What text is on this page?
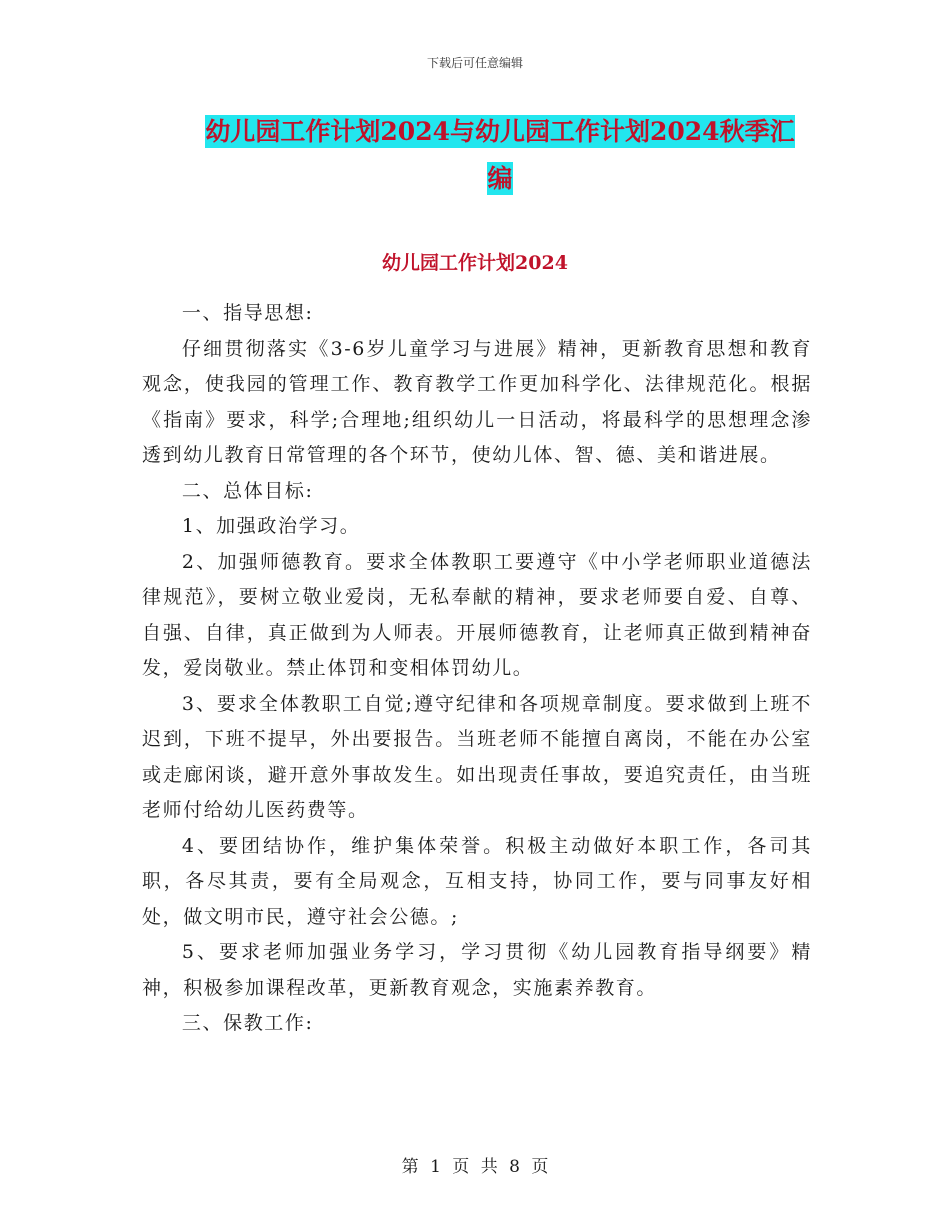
下载后可任意编辑
幼儿园工作计划2024与幼儿园工作计划2024秋季汇
编
幼儿园工作计划2024

一、指导思想:

仔细贯彻落实《3-6岁儿童学习与进展》精神，更新教育思想和教育观念，使我园的管理工作、教育教学工作更加科学化、法律规范化。根据《指南》要求，科学;合理地;组织幼儿一日活动，将最科学的思想理念渗透到幼儿教育日常管理的各个环节，使幼儿体、智、德、美和谐进展。

二、总体目标:

1、加强政治学习。

2、加强师德教育。要求全体教职工要遵守《中小学老师职业道德法律规范》，要树立敬业爱岗，无私奉献的精神，要求老师要自爱、自尊、自强、自律，真正做到为人师表。开展师德教育，让老师真正做到精神奋发，爱岗敬业。禁止体罚和变相体罚幼儿。

3、要求全体教职工自觉;遵守纪律和各项规章制度。要求做到上班不迟到，下班不提早，外出要报告。当班老师不能擅自离岗，不能在办公室或走廊闲谈，避开意外事故发生。如出现责任事故，要追究责任，由当班老师付给幼儿医药费等。

4、要团结协作，维护集体荣誉。积极主动做好本职工作，各司其职，各尽其责，要有全局观念，互相支持，协同工作，要与同事友好相处，做文明市民，遵守社会公德。;

5、要求老师加强业务学习，学习贯彻《幼儿园教育指导纲要》精神，积极参加课程改革，更新教育观念，实施素养教育。

三、保教工作:

第 1 页 共 8 页
